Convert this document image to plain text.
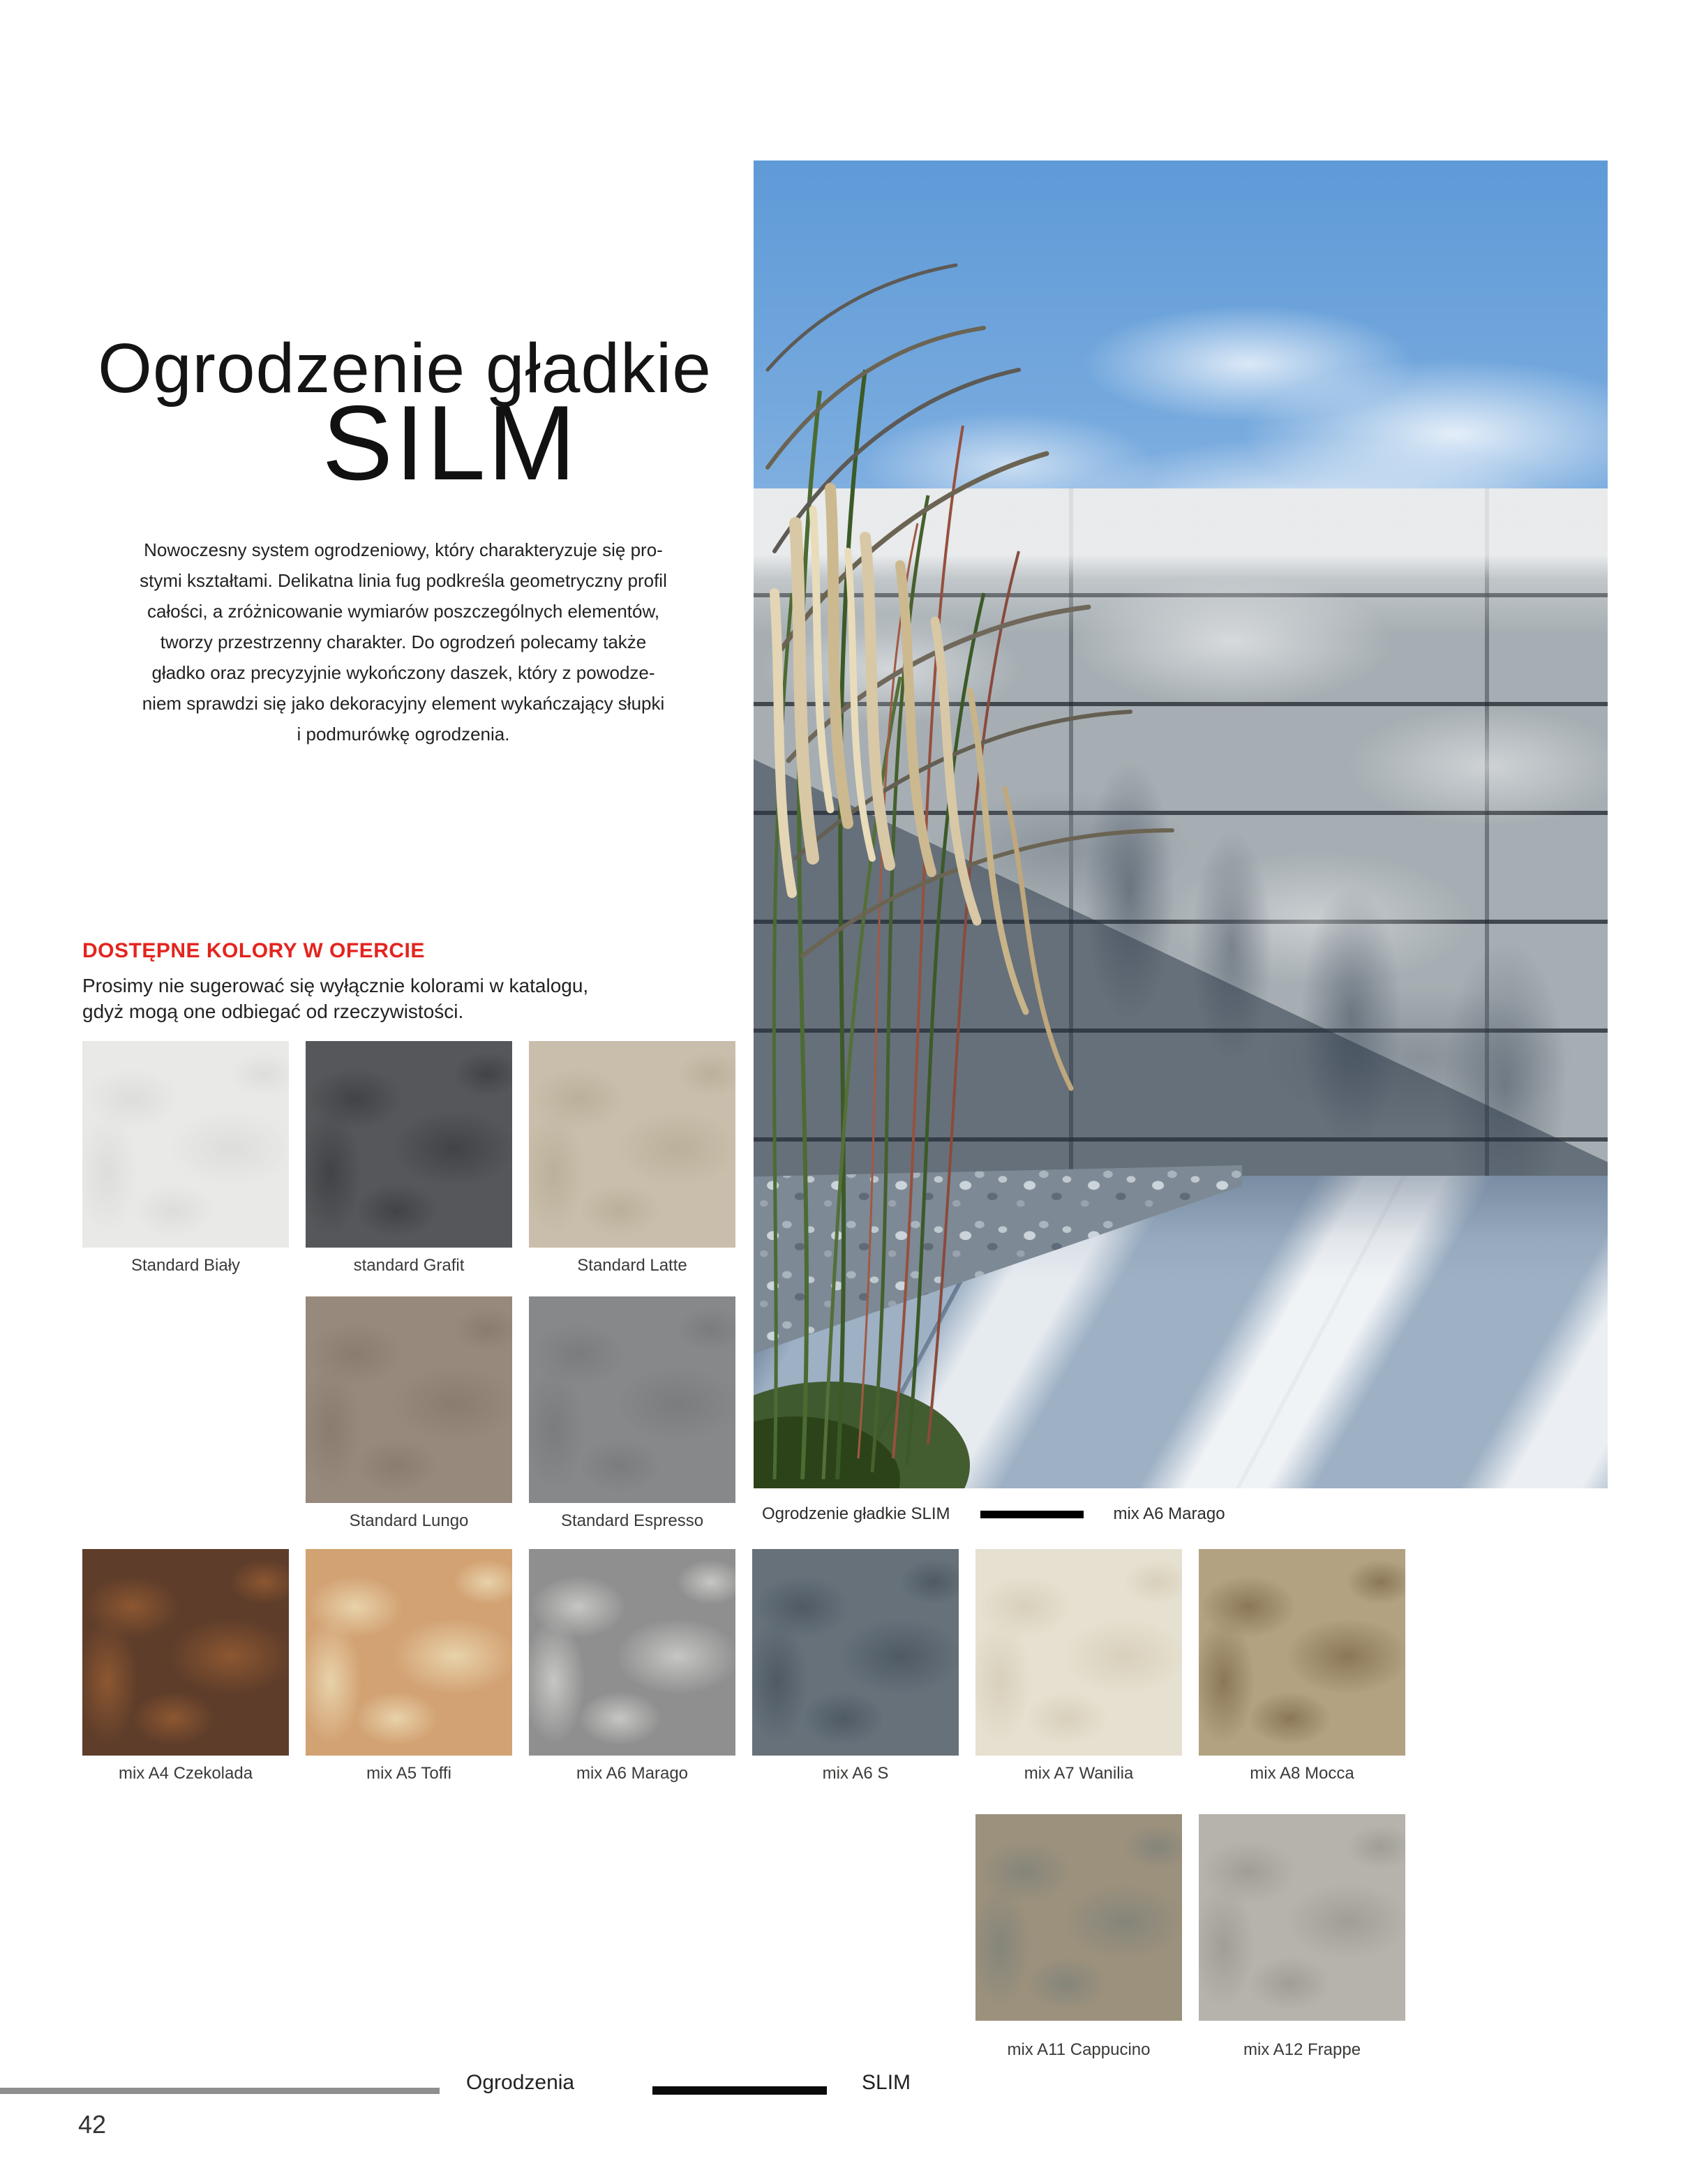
Ogrodzenie gładkie
SILM
Nowoczesny system ogrodzeniowy, który charakteryzuje się pro-
stymi kształtami. Delikatna linia fug podkreśla geometryczny profil
całości, a zróżnicowanie wymiarów poszczególnych elementów,
tworzy przestrzenny charakter. Do ogrodzeń polecamy także
gładko oraz precyzyjnie wykończony daszek, który z powodze-
niem sprawdzi się jako dekoracyjny element wykańczający słupki
i podmurówkę ogrodzenia.
DOSTĘPNE KOLORY W OFERCIE
Prosimy nie sugerować się wyłącznie kolorami w katalogu,
gdyż mogą one odbiegać od rzeczywistości.
Standard Biały	standard Grafit	Standard Latte
Standard Lungo	Standard Espresso
mix A4 Czekolada	mix A5 Toffi	mix A6 Marago	mix A6 S	mix A7 Wanilia	mix A8 Mocca
mix A11 Cappucino	mix A12 Frappe
Ogrodzenie gładkie SLIM	mix A6 Marago
Ogrodzenia	SLIM
42
